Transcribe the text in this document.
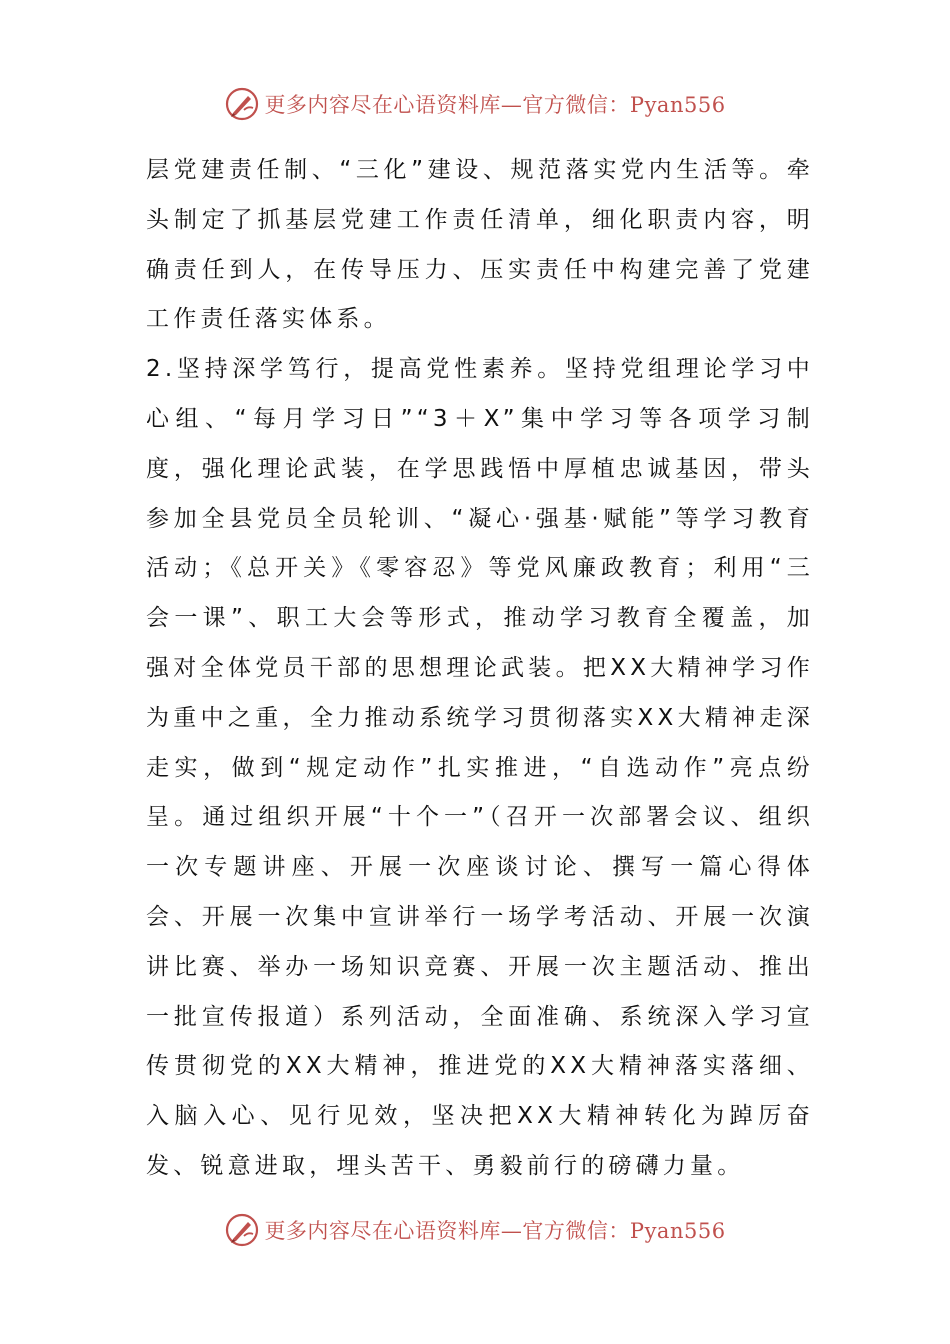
更多内容尽在心语资料库—官方微信：Pyan556

层党建责任制、“三化”建设、规范落实党内生活等。牵头制定了抓基层党建工作责任清单，细化职责内容，明确责任到人，在传导压力、压实责任中构建完善了党建工作责任落实体系。

2.坚持深学笃行，提高党性素养。坚持党组理论学习中心组、“每月学习日”“3＋X”集中学习等各项学习制度，强化理论武装，在学思践悟中厚植忠诚基因，带头参加全县党员全员轮训、“凝心·强基·赋能”等学习教育活动；《总开关》《零容忍》等党风廉政教育；利用“三会一课”、职工大会等形式，推动学习教育全覆盖，加强对全体党员干部的思想理论武装。把XX大精神学习作为重中之重，全力推动系统学习贯彻落实XX大精神走深走实，做到“规定动作”扎实推进，“自选动作”亮点纷呈。通过组织开展“十个一”（召开一次部署会议、组织一次专题讲座、开展一次座谈讨论、撰写一篇心得体会、开展一次集中宣讲举行一场学考活动、开展一次演讲比赛、举办一场知识竞赛、开展一次主题活动、推出一批宣传报道）系列活动，全面准确、系统深入学习宣传贯彻党的XX大精神，推进党的XX大精神落实落细、入脑入心、见行见效，坚决把XX大精神转化为踔厉奋发、锐意进取，埋头苦干、勇毅前行的磅礴力量。

更多内容尽在心语资料库—官方微信：Pyan556
